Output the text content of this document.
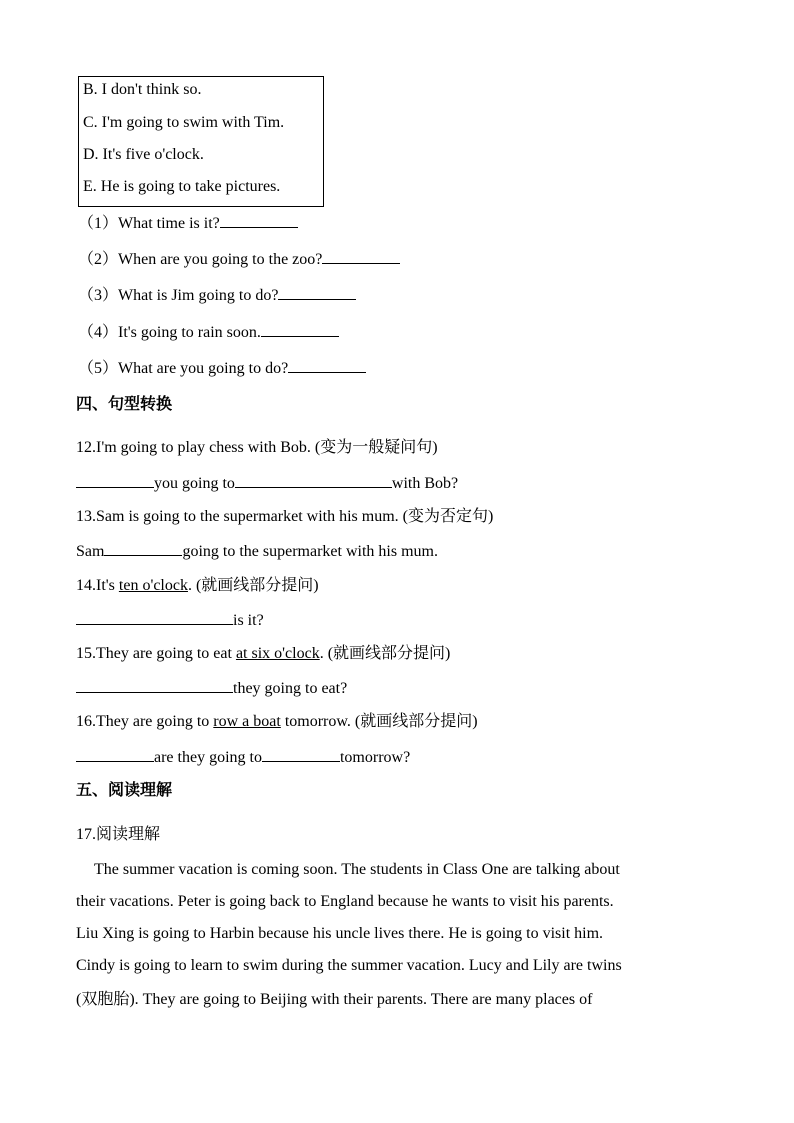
B. I don't think so.
C. I'm going to swim with Tim.
D. It's five o'clock.
E. He is going to take pictures.
（1）What time is it?
（2）When are you going to the zoo?
（3）What is Jim going to do?
（4）It's going to rain soon.
（5）What are you going to do?
四、句型转换
12.I'm going to play chess with Bob. (变为一般疑问句)
you going to	with Bob?
13.Sam is going to the supermarket with his mum. (变为否定句)
Sam	going to the supermarket with his mum.
14.It's ten o'clock. (就画线部分提问)
is it?
15.They are going to eat at six o'clock. (就画线部分提问)
they going to eat?
16.They are going to row a boat tomorrow. (就画线部分提问)
are they going to	tomorrow?
五、阅读理解
17.阅读理解
The summer vacation is coming soon. The students in Class One are talking about
their vacations. Peter is going back to England because he wants to visit his parents.
Liu Xing is going to Harbin because his uncle lives there. He is going to visit him.
Cindy is going to learn to swim during the summer vacation. Lucy and Lily are twins
(双胞胎). They are going to Beijing with their parents. There are many places of
